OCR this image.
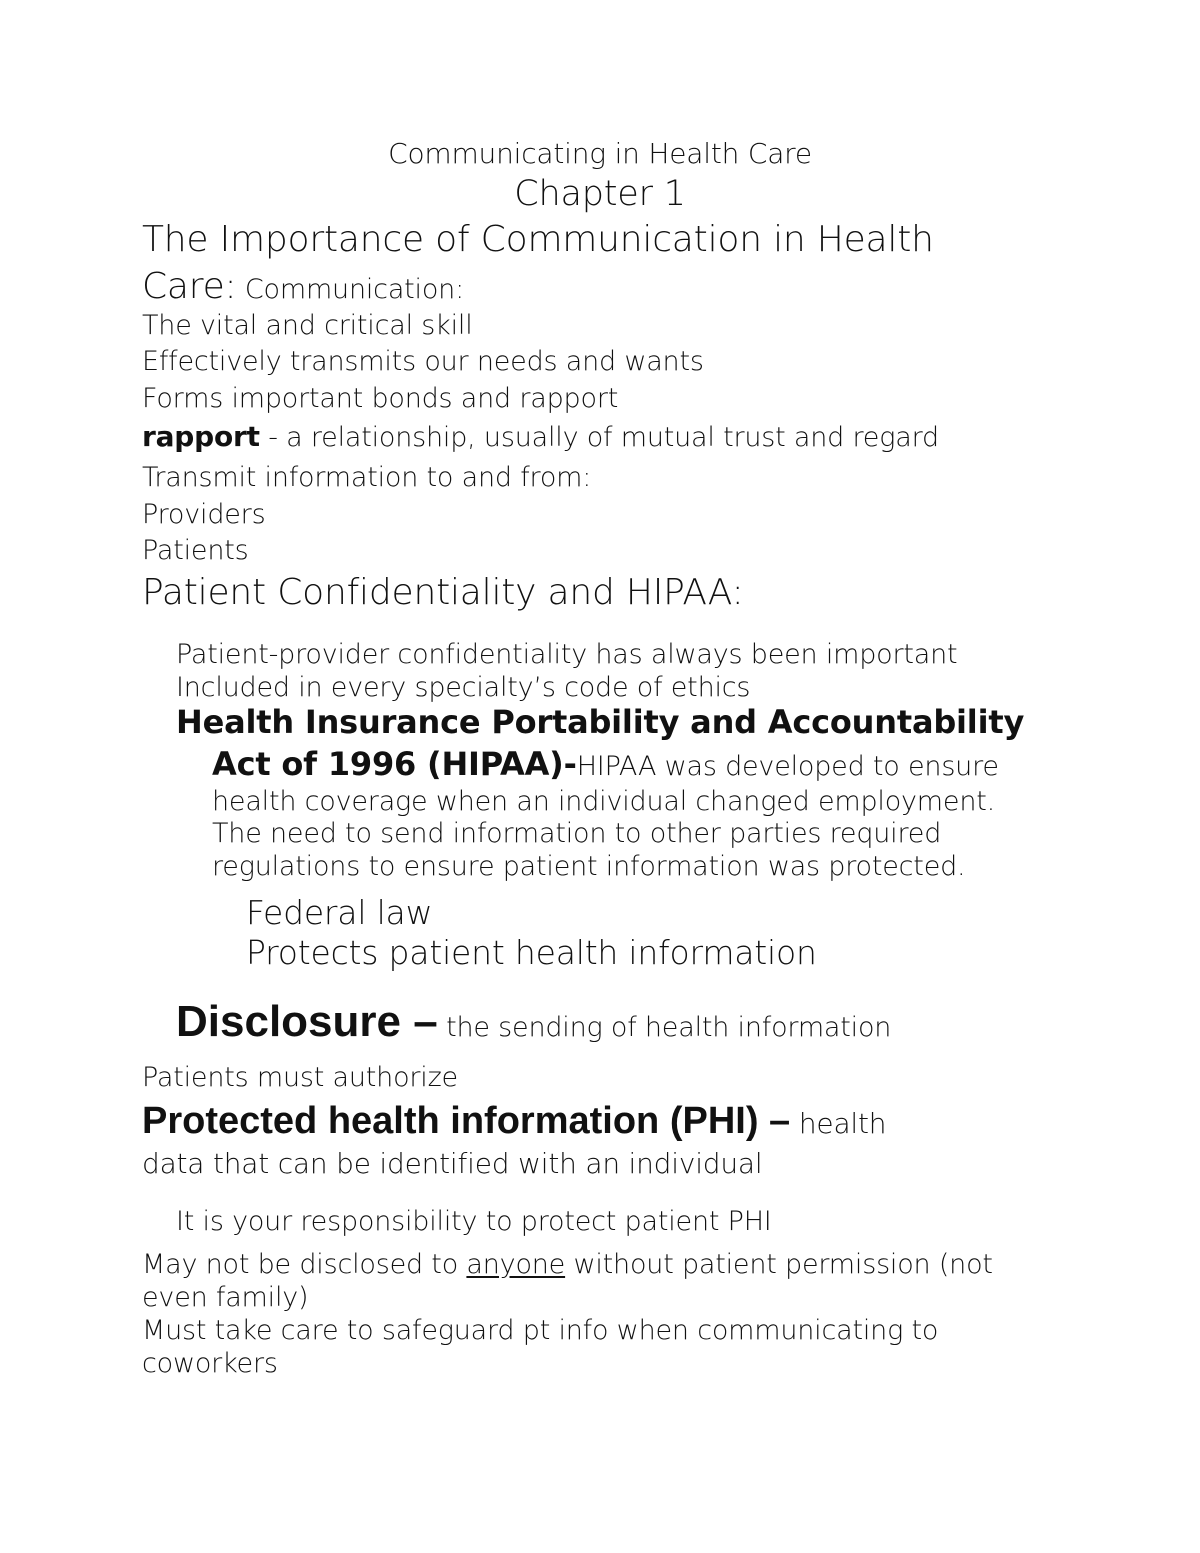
Communicating in Health Care
Chapter 1
The Importance of Communication in Health
Care: Communication:
The vital and critical skill
Effectively transmits our needs and wants
Forms important bonds and rapport
rapport - a relationship, usually of mutual trust and regard
Transmit information to and from:
Providers
Patients
Patient Confidentiality and HIPAA:
Patient-provider confidentiality has always been important
Included in every specialty’s code of ethics
Health Insurance Portability and Accountability
Act of 1996 (HIPAA)-HIPAA was developed to ensure
health coverage when an individual changed employment.
The need to send information to other parties required
regulations to ensure patient information was protected.
Federal law
Protects patient health information
Disclosure – the sending of health information
Patients must authorize
Protected health information (PHI) – health
data that can be identified with an individual
It is your responsibility to protect patient PHI
May not be disclosed to anyone without patient permission (not
even family)
Must take care to safeguard pt info when communicating to
coworkers
